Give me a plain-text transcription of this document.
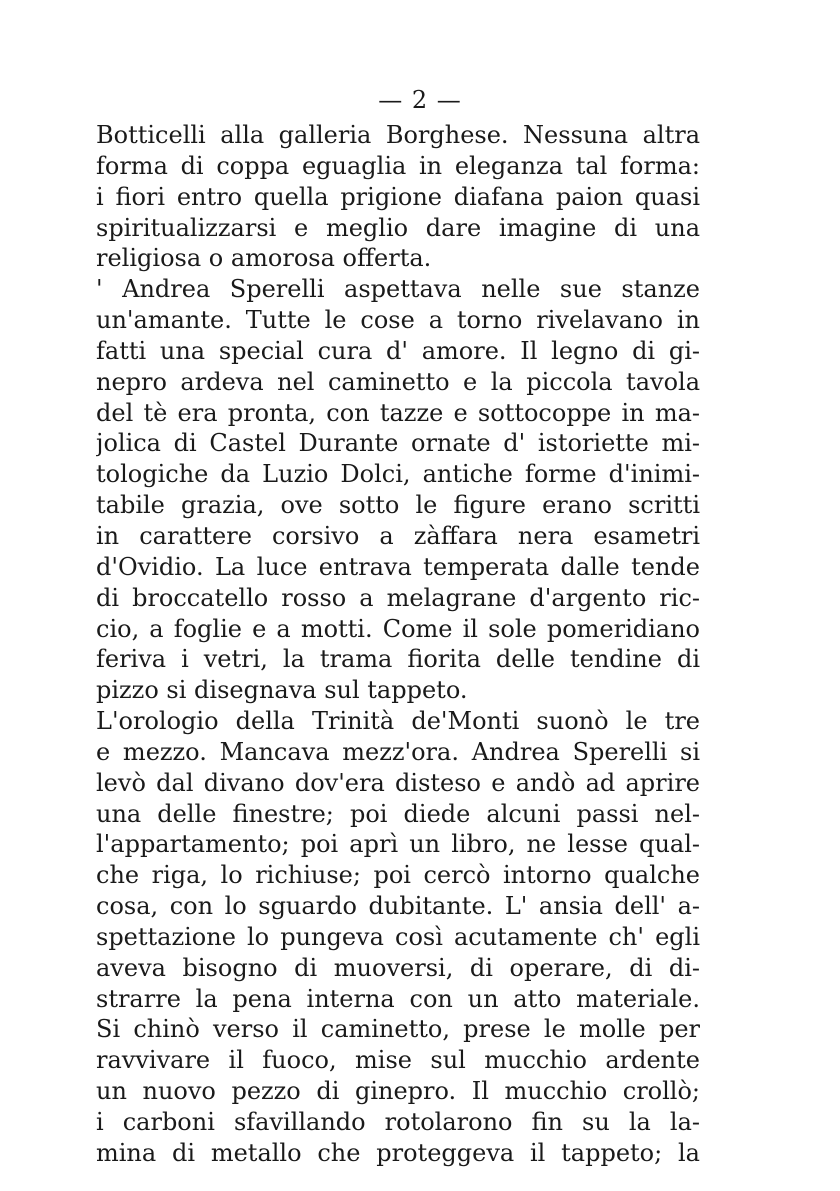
— 2 —
Botticelli alla galleria Borghese. Nessuna altra
forma di coppa eguaglia in eleganza tal forma:
i fiori entro quella prigione diafana paion quasi
spiritualizzarsi e meglio dare imagine di una
religiosa o amorosa offerta.
' Andrea Sperelli aspettava nelle sue stanze
un'amante. Tutte le cose a torno rivelavano in
fatti una special cura d' amore. Il legno di gi-
nepro ardeva nel caminetto e la piccola tavola
del tè era pronta, con tazze e sottocoppe in ma-
jolica di Castel Durante ornate d' istoriette mi-
tologiche da Luzio Dolci, antiche forme d'inimi-
tabile grazia, ove sotto le figure erano scritti
in carattere corsivo a zàffara nera esametri
d'Ovidio. La luce entrava temperata dalle tende
di broccatello rosso a melagrane d'argento ric-
cio, a foglie e a motti. Come il sole pomeridiano
feriva i vetri, la trama fiorita delle tendine di
pizzo si disegnava sul tappeto.
L'orologio della Trinità de'Monti suonò le tre
e mezzo. Mancava mezz'ora. Andrea Sperelli si
levò dal divano dov'era disteso e andò ad aprire
una delle finestre; poi diede alcuni passi nel-
l'appartamento; poi aprì un libro, ne lesse qual-
che riga, lo richiuse; poi cercò intorno qualche
cosa, con lo sguardo dubitante. L' ansia dell' a-
spettazione lo pungeva così acutamente ch' egli
aveva bisogno di muoversi, di operare, di di-
strarre la pena interna con un atto materiale.
Si chinò verso il caminetto, prese le molle per
ravvivare il fuoco, mise sul mucchio ardente
un nuovo pezzo di ginepro. Il mucchio crollò;
i carboni sfavillando rotolarono fin su la la-
mina di metallo che proteggeva il tappeto; la
